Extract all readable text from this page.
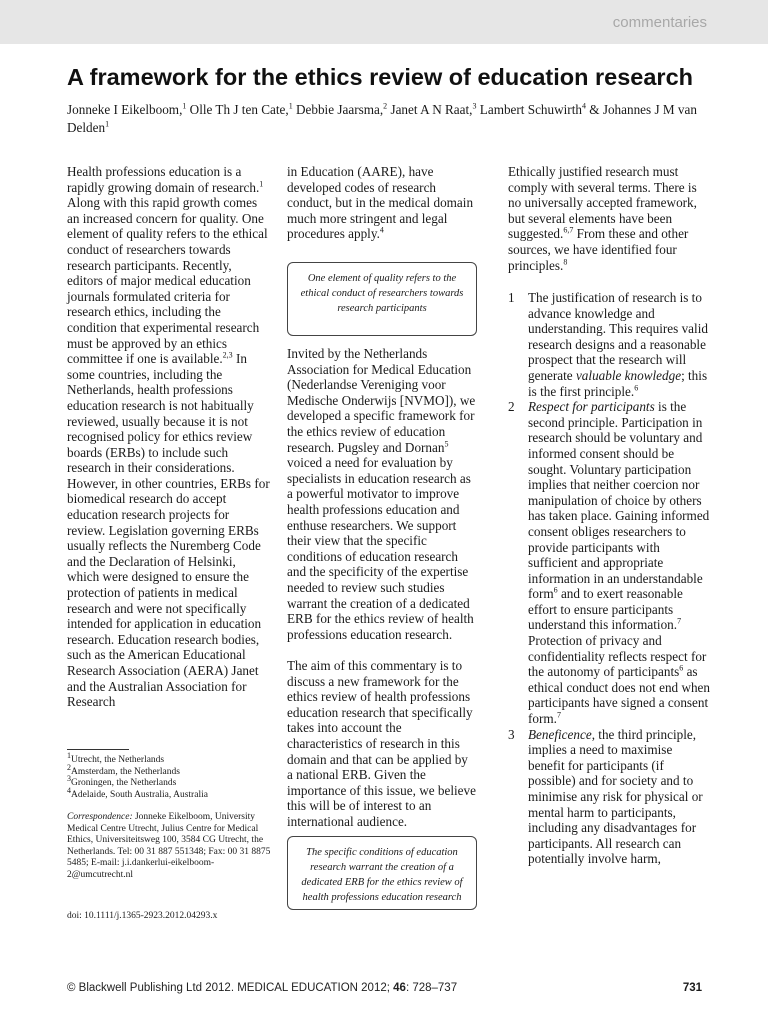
commentaries
A framework for the ethics review of education research
Jonneke I Eikelboom,$^1$ Olle Th J ten Cate,$^1$ Debbie Jaarsma,$^2$ Janet A N Raat,$^3$ Lambert Schuwirth$^4$ & Johannes J M van Delden$^1$

Health professions education is a rapidly growing domain of research.$^1$ Along with this rapid growth comes an increased concern for quality. One element of quality refers to the ethical conduct of researchers towards research participants. Recently, editors of major medical education journals formulated criteria for research ethics, including the condition that experimental research must be approved by an ethics committee if one is available.$^{2,3}$ In some countries, including the Netherlands, health professions education research is not habitually reviewed, usually because it is not recognised policy for ethics review boards (ERBs) to include such research in their considerations. However, in other countries, ERBs for biomedical research do accept education research projects for review. Legislation governing ERBs usually reflects the Nuremberg Code and the Declaration of Helsinki, which were designed to ensure the protection of patients in medical research and were not specifically intended for application in education research. Education research bodies, such as the American Educational Research Association (AERA) Janet and the Australian Association for Research

$^1$Utrecht, the Netherlands
$^2$Amsterdam, the Netherlands
$^3$Groningen, the Netherlands
$^4$Adelaide, South Australia, Australia
Correspondence: Jonneke Eikelboom, University Medical Centre Utrecht, Julius Centre for Medical Ethics, Universiteitsweg 100, 3584 CG Utrecht, the Netherlands. Tel: 00 31 887 551348; Fax: 00 31 8875 5485; E-mail: j.i.dankerlui-eikelboom-2@umcutrecht.nl
doi: 10.1111/j.1365-2923.2012.04293.x

in Education (AARE), have developed codes of research conduct, but in the medical domain much more stringent and legal procedures apply.$^4$

One element of quality refers to the ethical conduct of researchers towards research participants

Invited by the Netherlands Association for Medical Education (Nederlandse Vereniging voor Medische Onderwijs [NVMO]), we developed a specific framework for the ethics review of education research. Pugsley and Dornan$^5$ voiced a need for evaluation by specialists in education research as a powerful motivator to improve health professions education and enthuse researchers. We support their view that the specific conditions of education research and the specificity of the expertise needed to review such studies warrant the creation of a dedicated ERB for the ethics review of health professions education research.

The aim of this commentary is to discuss a new framework for the ethics review of health professions education research that specifically takes into account the characteristics of research in this domain and that can be applied by a national ERB. Given the importance of this issue, we believe this will be of interest to an international audience.

The specific conditions of education research warrant the creation of a dedicated ERB for the ethics review of health professions education research

Ethically justified research must comply with several terms. There is no universally accepted framework, but several elements have been suggested.$^{6,7}$ From these and other sources, we have identified four principles.$^8$

1 The justification of research is to advance knowledge and understanding. This requires valid research designs and a reasonable prospect that the research will generate valuable knowledge; this is the first principle.$^6$
2 Respect for participants is the second principle. Participation in research should be voluntary and informed consent should be sought. Voluntary participation implies that neither coercion nor manipulation of choice by others has taken place. Gaining informed consent obliges researchers to provide participants with sufficient and appropriate information in an understandable form$^6$ and to exert reasonable effort to ensure participants understand this information.$^7$ Protection of privacy and confidentiality reflects respect for the autonomy of participants$^6$ as ethical conduct does not end when participants have signed a consent form.$^7$
3 Beneficence, the third principle, implies a need to maximise benefit for participants (if possible) and for society and to minimise any risk for physical or mental harm to participants, including any disadvantages for participants. All research can potentially involve harm,
© Blackwell Publishing Ltd 2012. MEDICAL EDUCATION 2012; 46: 728–737	731
